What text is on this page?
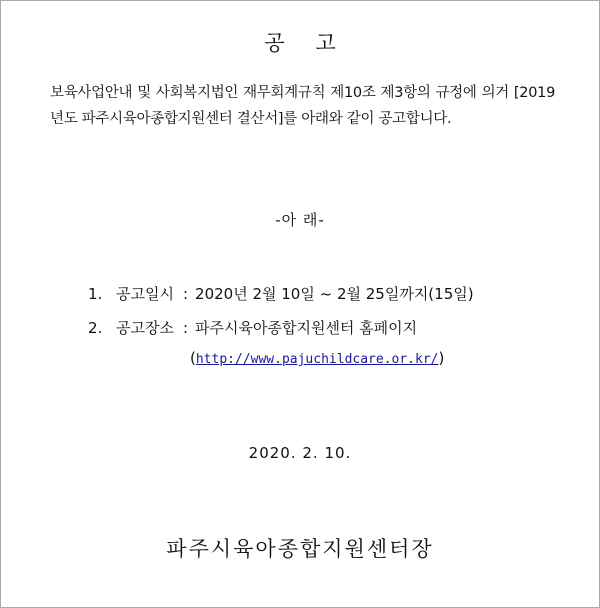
공 고
보육사업안내 및 사회복지법인 재무회계규칙 제10조 제3항의 규정에 의거 [2019년도 파주시육아종합지원센터 결산서]를 아래와 같이 공고합니다.
-아 래-
1. 공고일시 : 2020년 2월 10일 ~ 2월 25일까지(15일)
2. 공고장소 : 파주시육아종합지원센터 홈페이지
(http://www.pajuchildcare.or.kr/)
2020. 2. 10.
파주시육아종합지원센터장
